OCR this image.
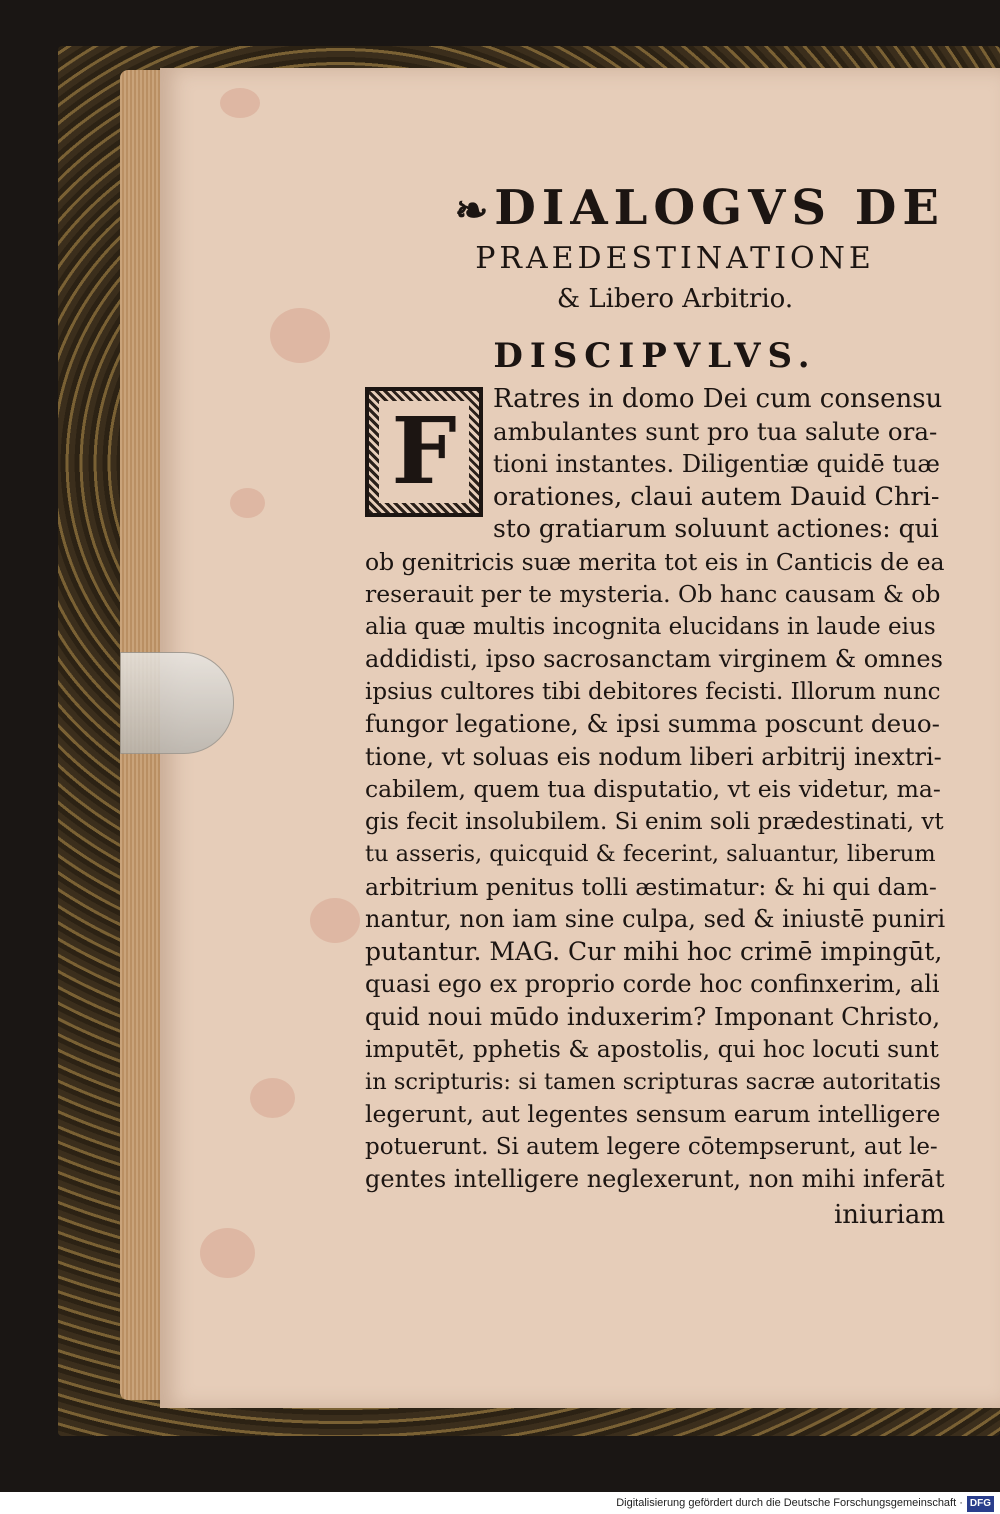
❧ DIALOGVS DE

PRAEDESTINATIONE

& Libero Arbitrio.

DISCIPVLVS.

F	Ratres in domo Dei cum consensu
ambulantes sunt pro tua salute ora-
tioni instantes. Diligentiæ quidē tuæ
orationes, claui autem Dauid Chri-
sto gratiarum soluunt actiones: qui
ob genitricis suæ merita tot eis in Canticis de ea
reserauit per te mysteria. Ob hanc causam & ob
alia quæ multis incognita elucidans in laude eius
addidisti, ipso sacrosanctam virginem & omnes
ipsius cultores tibi debitores fecisti. Illorum nunc
fungor legatione, & ipsi summa poscunt deuo-
tione, vt soluas eis nodum liberi arbitrij inextri-
cabilem, quem tua disputatio, vt eis videtur, ma-
gis fecit insolubilem. Si enim soli prædestinati, vt
tu asseris, quicquid & fecerint, saluantur, liberum
arbitrium penitus tolli æstimatur: & hi qui dam-
nantur, non iam sine culpa, sed & iniustē puniri
putantur. MAG. Cur mihi hoc crimē impingūt,
quasi ego ex proprio corde hoc confinxerim, ali
quid noui mūdo induxerim? Imponant Christo,
imputēt, pphetis & apostolis, qui hoc locuti sunt
in scripturis: si tamen scripturas sacræ autoritatis
legerunt, aut legentes sensum earum intelligere
potuerunt. Si autem legere cōtempserunt, aut le-
gentes intelligere neglexerunt, non mihi inferāt
iniuriam
Digitalisierung gefördert durch die Deutsche Forschungsgemeinschaft · DFG
